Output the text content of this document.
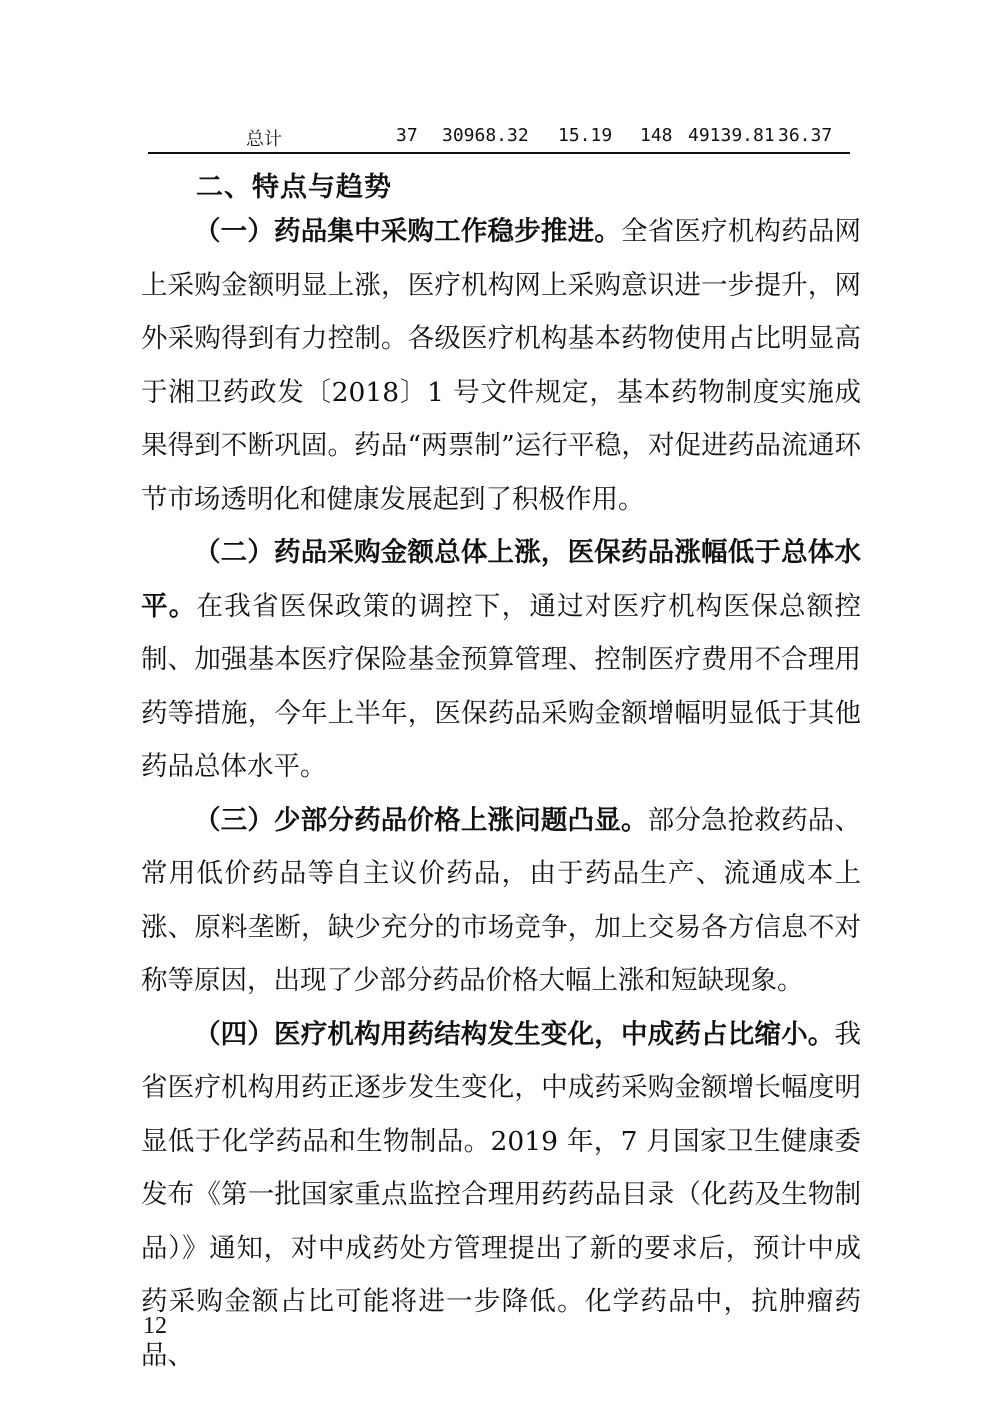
总计	37 30968.32 15.19 148 49139.81 36.37
二、特点与趋势

（一）药品集中采购工作稳步推进。全省医疗机构药品网上采购金额明显上涨，医疗机构网上采购意识进一步提升，网外采购得到有力控制。各级医疗机构基本药物使用占比明显高于湘卫药政发〔2018〕1 号文件规定，基本药物制度实施成果得到不断巩固。药品“两票制”运行平稳，对促进药品流通环节市场透明化和健康发展起到了积极作用。

（二）药品采购金额总体上涨，医保药品涨幅低于总体水平。在我省医保政策的调控下，通过对医疗机构医保总额控制、加强基本医疗保险基金预算管理、控制医疗费用不合理用药等措施，今年上半年，医保药品采购金额增幅明显低于其他药品总体水平。

（三）少部分药品价格上涨问题凸显。部分急抢救药品、常用低价药品等自主议价药品，由于药品生产、流通成本上涨、原料垄断，缺少充分的市场竞争，加上交易各方信息不对称等原因，出现了少部分药品价格大幅上涨和短缺现象。

（四）医疗机构用药结构发生变化，中成药占比缩小。我省医疗机构用药正逐步发生变化，中成药采购金额增长幅度明显低于化学药品和生物制品。2019 年，7 月国家卫生健康委发布《第一批国家重点监控合理用药药品目录（化药及生物制品）》通知，对中成药处方管理提出了新的要求后，预计中成药采购金额占比可能将进一步降低。化学药品中，抗肿瘤药品、

12
